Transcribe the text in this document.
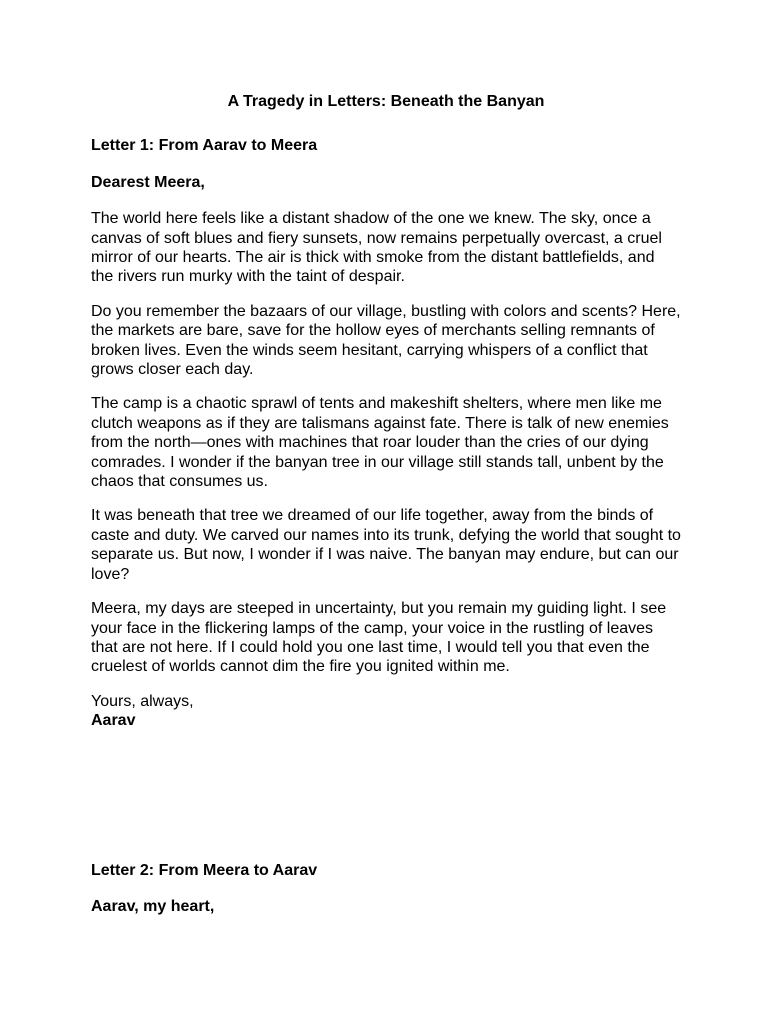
A Tragedy in Letters: Beneath the Banyan

Letter 1: From Aarav to Meera

Dearest Meera,

The world here feels like a distant shadow of the one we knew. The sky, once a canvas of soft blues and fiery sunsets, now remains perpetually overcast, a cruel mirror of our hearts. The air is thick with smoke from the distant battlefields, and the rivers run murky with the taint of despair.

Do you remember the bazaars of our village, bustling with colors and scents? Here, the markets are bare, save for the hollow eyes of merchants selling remnants of broken lives. Even the winds seem hesitant, carrying whispers of a conflict that grows closer each day.

The camp is a chaotic sprawl of tents and makeshift shelters, where men like me clutch weapons as if they are talismans against fate. There is talk of new enemies from the north—ones with machines that roar louder than the cries of our dying comrades. I wonder if the banyan tree in our village still stands tall, unbent by the chaos that consumes us.

It was beneath that tree we dreamed of our life together, away from the binds of caste and duty. We carved our names into its trunk, defying the world that sought to separate us. But now, I wonder if I was naive. The banyan may endure, but can our love?

Meera, my days are steeped in uncertainty, but you remain my guiding light. I see your face in the flickering lamps of the camp, your voice in the rustling of leaves that are not here. If I could hold you one last time, I would tell you that even the cruelest of worlds cannot dim the fire you ignited within me.

Yours, always,

Aarav

Letter 2: From Meera to Aarav

Aarav, my heart,
